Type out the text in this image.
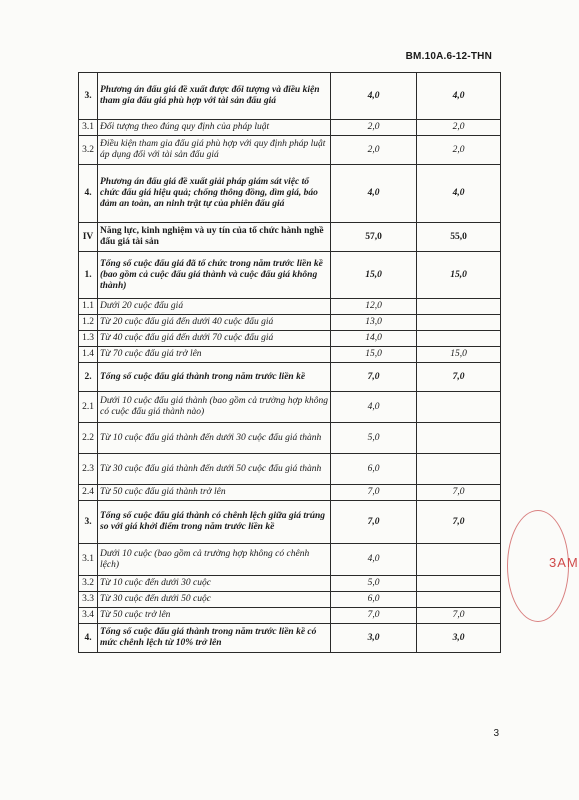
BM.10A.6-12-THN
3.	Phương án đấu giá đề xuất được đối tượng và điều kiện tham gia đấu giá phù hợp với tài sản đấu giá	4,0	4,0
3.1	Đối tượng theo đúng quy định của pháp luật	2,0	2,0
3.2	Điều kiện tham gia đấu giá phù hợp với quy định pháp luật áp dụng đối với tài sản đấu giá	2,0	2,0
4.	Phương án đấu giá đề xuất giải pháp giám sát việc tổ chức đấu giá hiệu quả; chống thông đồng, dìm giá, báo đảm an toàn, an ninh trật tự của phiên đấu giá	4,0	4,0
IV	Năng lực, kinh nghiệm và uy tín của tổ chức hành nghề đấu giá tài sản	57,0	55,0
1.	Tổng số cuộc đấu giá đã tổ chức trong năm trước liền kề (bao gồm cả cuộc đấu giá thành và cuộc đấu giá không thành)	15,0	15,0
1.1	Dưới 20 cuộc đấu giá	12,0	
1.2	Từ 20 cuộc đấu giá đến dưới 40 cuộc đấu giá	13,0	
1.3	Từ 40 cuộc đấu giá đến dưới 70 cuộc đấu giá	14,0	
1.4	Từ 70 cuộc đấu giá trở lên	15,0	15,0
2.	Tổng số cuộc đấu giá thành trong năm trước liền kề	7,0	7,0
2.1	Dưới 10 cuộc đấu giá thành (bao gồm cả trường hợp không có cuộc đấu giá thành nào)	4,0	
2.2	Từ 10 cuộc đấu giá thành đến dưới 30 cuộc đấu giá thành	5,0	
2.3	Từ 30 cuộc đấu giá thành đến dưới 50 cuộc đấu giá thành	6,0	
2.4	Từ 50 cuộc đấu giá thành trở lên	7,0	7,0
3.	Tổng số cuộc đấu giá thành có chênh lệch giữa giá trúng so với giá khởi điểm trong năm trước liền kề	7,0	7,0
3.1	Dưới 10 cuộc (bao gồm cả trường hợp không có chênh lệch)	4,0	
3.2	Từ 10 cuộc đến dưới 30 cuộc	5,0	
3.3	Từ 30 cuộc đến dưới 50 cuộc	6,0	
3.4	Từ 50 cuộc trở lên	7,0	7,0
4.	Tổng số cuộc đấu giá thành trong năm trước liền kề có mức chênh lệch từ 10% trở lên	3,0	3,0
3AM
3
